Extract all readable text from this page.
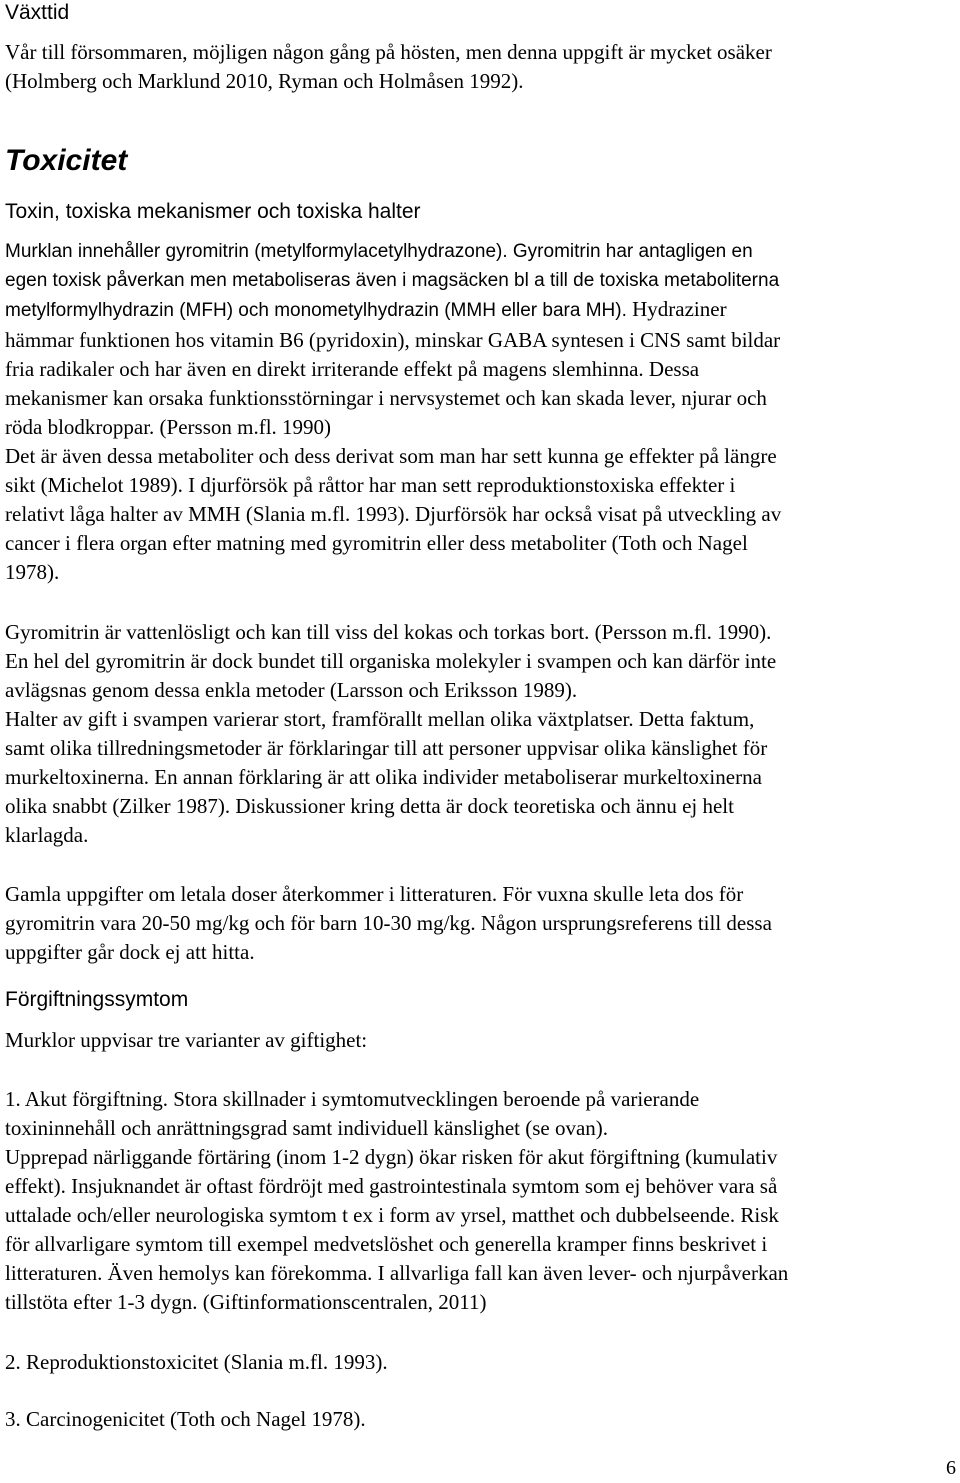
Växttid
Vår till försommaren, möjligen någon gång på hösten, men denna uppgift är mycket osäker
(Holmberg och Marklund 2010, Ryman och Holmåsen 1992).
Toxicitet
Toxin, toxiska mekanismer och toxiska halter
Murklan innehåller gyromitrin (metylformylacetylhydrazone). Gyromitrin har antagligen en
egen toxisk påverkan men metaboliseras även i magsäcken bl a till de toxiska metaboliterna
metylformylhydrazin (MFH) och monometylhydrazin (MMH eller bara MH). Hydraziner
hämmar funktionen hos vitamin B6 (pyridoxin), minskar GABA syntesen i CNS samt bildar
fria radikaler och har även en direkt irriterande effekt på magens slemhinna. Dessa
mekanismer kan orsaka funktionsstörningar i nervsystemet och kan skada lever, njurar och
röda blodkroppar. (Persson m.fl. 1990)
Det är även dessa metaboliter och dess derivat som man har sett kunna ge effekter på längre
sikt (Michelot 1989). I djurförsök på råttor har man sett reproduktionstoxiska effekter i
relativt låga halter av MMH (Slania m.fl. 1993). Djurförsök har också visat på utveckling av
cancer i flera organ efter matning med gyromitrin eller dess metaboliter (Toth och Nagel
1978).
Gyromitrin är vattenlösligt och kan till viss del kokas och torkas bort. (Persson m.fl. 1990).
En hel del gyromitrin är dock bundet till organiska molekyler i svampen och kan därför inte
avlägsnas genom dessa enkla metoder (Larsson och Eriksson 1989).
Halter av gift i svampen varierar stort, framförallt mellan olika växtplatser. Detta faktum,
samt olika tillredningsmetoder är förklaringar till att personer uppvisar olika känslighet för
murkeltoxinerna. En annan förklaring är att olika individer metaboliserar murkeltoxinerna
olika snabbt (Zilker 1987). Diskussioner kring detta är dock teoretiska och ännu ej helt
klarlagda.
Gamla uppgifter om letala doser återkommer i litteraturen. För vuxna skulle leta dos för
gyromitrin vara 20-50 mg/kg och för barn 10-30 mg/kg. Någon ursprungsreferens till dessa
uppgifter går dock ej att hitta.
Förgiftningssymtom
Murklor uppvisar tre varianter av giftighet:
1. Akut förgiftning. Stora skillnader i symtomutvecklingen beroende på varierande
toxininnehåll och anrättningsgrad samt individuell känslighet (se ovan).
Upprepad närliggande förtäring (inom 1-2 dygn) ökar risken för akut förgiftning (kumulativ
effekt). Insjuknandet är oftast fördröjt med gastrointestinala symtom som ej behöver vara så
uttalade och/eller neurologiska symtom t ex i form av yrsel, matthet och dubbelseende. Risk
för allvarligare symtom till exempel medvetslöshet och generella kramper finns beskrivet i
litteraturen. Även hemolys kan förekomma. I allvarliga fall kan även lever- och njurpåverkan
tillstöta efter 1-3 dygn. (Giftinformationscentralen, 2011)
2. Reproduktionstoxicitet (Slania m.fl. 1993).
3. Carcinogenicitet (Toth och Nagel 1978).
6
